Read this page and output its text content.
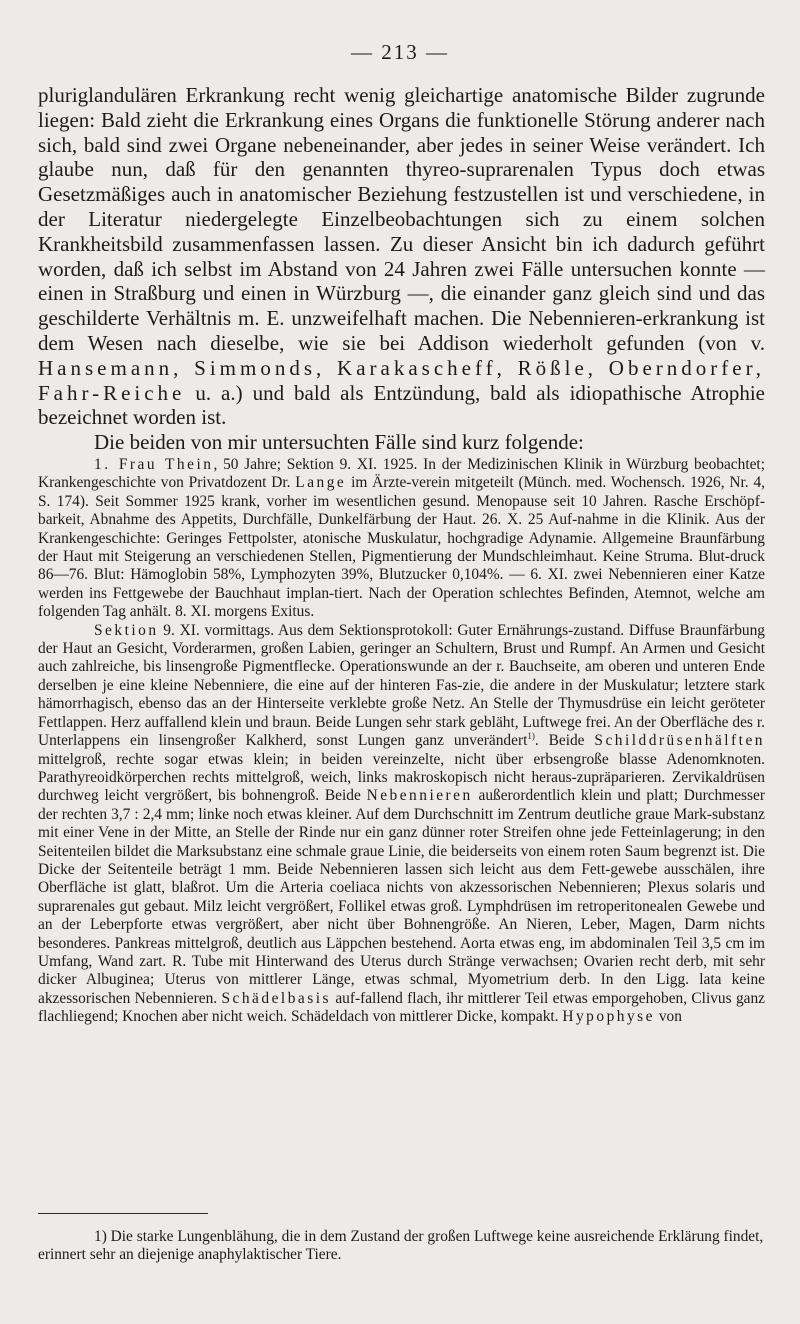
— 213 —

pluriglandulären Erkrankung recht wenig gleichartige anatomische Bilder zugrunde liegen: Bald zieht die Erkrankung eines Organs die funktionelle Störung anderer nach sich, bald sind zwei Organe nebeneinander, aber jedes in seiner Weise verändert. Ich glaube nun, daß für den genannten thyreo-suprarenalen Typus doch etwas Gesetzmäßiges auch in anatomischer Beziehung festzustellen ist und verschiedene, in der Literatur niedergelegte Einzelbeobachtungen sich zu einem solchen Krankheitsbild zusammenfassen lassen. Zu dieser Ansicht bin ich dadurch geführt worden, daß ich selbst im Abstand von 24 Jahren zwei Fälle untersuchen konnte — einen in Straßburg und einen in Würzburg —, die einander ganz gleich sind und das geschilderte Verhältnis m. E. unzweifelhaft machen. Die Nebennieren-erkrankung ist dem Wesen nach dieselbe, wie sie bei Addison wiederholt gefunden (von v. Hansemann, Simmonds, Karakascheff, Rößle, Oberndorfer, Fahr-Reiche u. a.) und bald als Entzündung, bald als idiopathische Atrophie bezeichnet worden ist.

Die beiden von mir untersuchten Fälle sind kurz folgende:

1. Frau Thein, 50 Jahre; Sektion 9. XI. 1925. In der Medizinischen Klinik in Würzburg beobachtet; Krankengeschichte von Privatdozent Dr. Lange im Ärzte-verein mitgeteilt (Münch. med. Wochensch. 1926, Nr. 4, S. 174). Seit Sommer 1925 krank, vorher im wesentlichen gesund. Menopause seit 10 Jahren. Rasche Erschöpf-barkeit, Abnahme des Appetits, Durchfälle, Dunkelfärbung der Haut. 26. X. 25 Auf-nahme in die Klinik. Aus der Krankengeschichte: Geringes Fettpolster, atonische Muskulatur, hochgradige Adynamie. Allgemeine Braunfärbung der Haut mit Steigerung an verschiedenen Stellen, Pigmentierung der Mundschleimhaut. Keine Struma. Blut-druck 86—76. Blut: Hämoglobin 58%, Lymphozyten 39%, Blutzucker 0,104%. — 6. XI. zwei Nebennieren einer Katze werden ins Fettgewebe der Bauchhaut implan-tiert. Nach der Operation schlechtes Befinden, Atemnot, welche am folgenden Tag anhält. 8. XI. morgens Exitus.

Sektion 9. XI. vormittags. Aus dem Sektionsprotokoll: Guter Ernährungs-zustand. Diffuse Braunfärbung der Haut an Gesicht, Vorderarmen, großen Labien, geringer an Schultern, Brust und Rumpf. An Armen und Gesicht auch zahlreiche, bis linsengroße Pigmentflecke. Operationswunde an der r. Bauchseite, am oberen und unteren Ende derselben je eine kleine Nebenniere, die eine auf der hinteren Fas-zie, die andere in der Muskulatur; letztere stark hämorrhagisch, ebenso das an der Hinterseite verklebte große Netz. An Stelle der Thymusdrüse ein leicht geröteter Fettlappen. Herz auffallend klein und braun. Beide Lungen sehr stark gebläht, Luftwege frei. An der Oberfläche des r. Unterlappens ein linsengroßer Kalkherd, sonst Lungen ganz unverändert$^{1)}$. Beide Schilddrüsenhälften mittelgroß, rechte sogar etwas klein; in beiden vereinzelte, nicht über erbsengroße blasse Adenomknoten. Parathyreoidkörperchen rechts mittelgroß, weich, links makroskopisch nicht heraus-zupräparieren. Zervikaldrüsen durchweg leicht vergrößert, bis bohnengroß. Beide Nebennieren außerordentlich klein und platt; Durchmesser der rechten 3,7 : 2,4 mm; linke noch etwas kleiner. Auf dem Durchschnitt im Zentrum deutliche graue Mark-substanz mit einer Vene in der Mitte, an Stelle der Rinde nur ein ganz dünner roter Streifen ohne jede Fetteinlagerung; in den Seitenteilen bildet die Marksubstanz eine schmale graue Linie, die beiderseits von einem roten Saum begrenzt ist. Die Dicke der Seitenteile beträgt 1 mm. Beide Nebennieren lassen sich leicht aus dem Fett-gewebe ausschälen, ihre Oberfläche ist glatt, blaßrot. Um die Arteria coeliaca nichts von akzessorischen Nebennieren; Plexus solaris und suprarenales gut gebaut. Milz leicht vergrößert, Follikel etwas groß. Lymphdrüsen im retroperitonealen Gewebe und an der Leberpforte etwas vergrößert, aber nicht über Bohnengröße. An Nieren, Leber, Magen, Darm nichts besonderes. Pankreas mittelgroß, deutlich aus Läppchen bestehend. Aorta etwas eng, im abdominalen Teil 3,5 cm im Umfang, Wand zart. R. Tube mit Hinterwand des Uterus durch Stränge verwachsen; Ovarien recht derb, mit sehr dicker Albuginea; Uterus von mittlerer Länge, etwas schmal, Myometrium derb. In den Ligg. lata keine akzessorischen Nebennieren. Schädelbasis auf-fallend flach, ihr mittlerer Teil etwas emporgehoben, Clivus ganz flachliegend; Knochen aber nicht weich. Schädeldach von mittlerer Dicke, kompakt. Hypophyse von

1) Die starke Lungenblähung, die in dem Zustand der großen Luftwege keine ausreichende Erklärung findet, erinnert sehr an diejenige anaphylaktischer Tiere.
